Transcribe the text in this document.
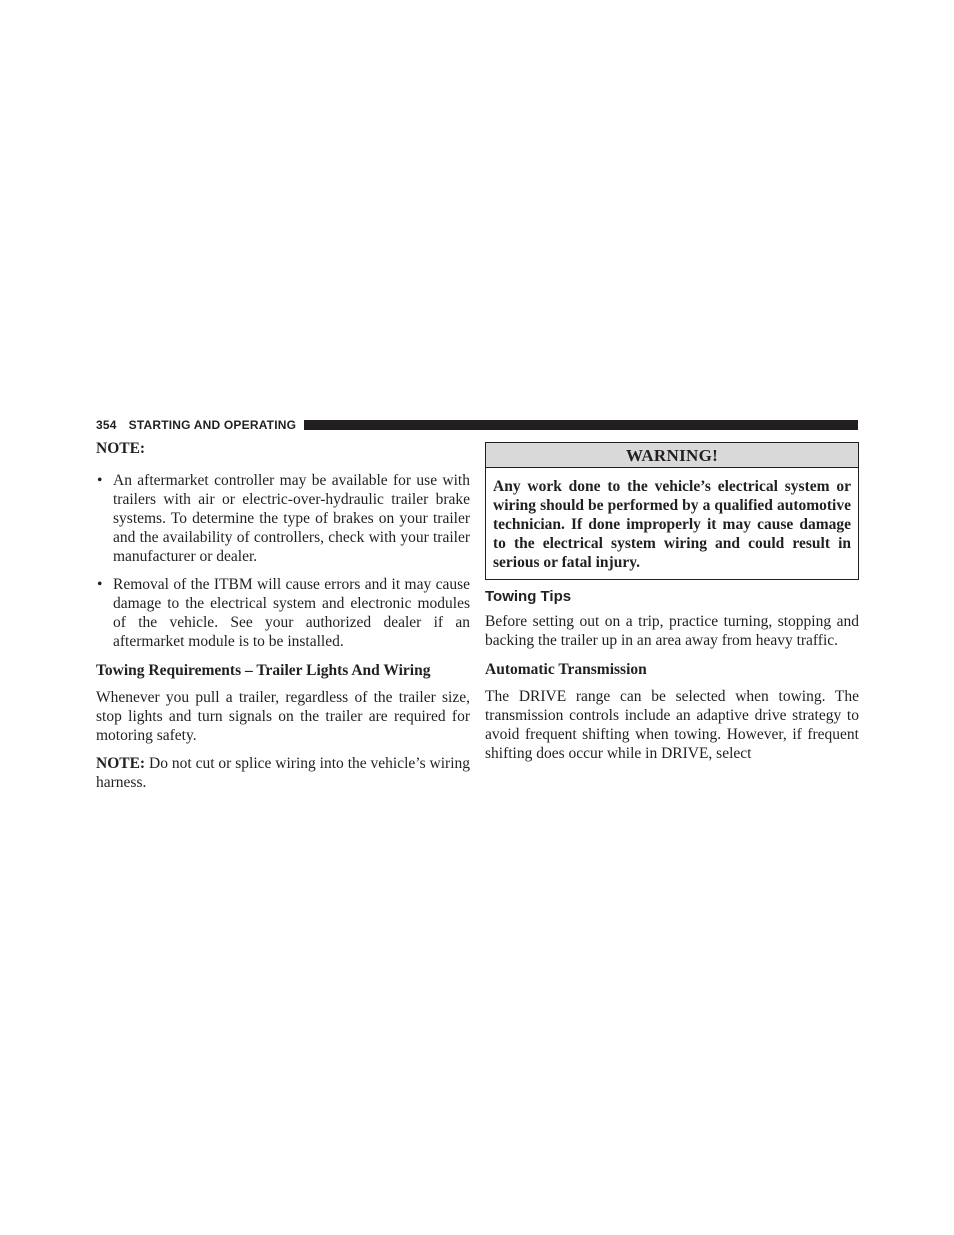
354 STARTING AND OPERATING

NOTE:

• An aftermarket controller may be available for use with trailers with air or electric-over-hydraulic trailer brake systems. To determine the type of brakes on your trailer and the availability of controllers, check with your trailer manufacturer or dealer.
• Removal of the ITBM will cause errors and it may cause damage to the electrical system and electronic modules of the vehicle. See your authorized dealer if an aftermarket module is to be installed.

Towing Requirements – Trailer Lights And Wiring

Whenever you pull a trailer, regardless of the trailer size, stop lights and turn signals on the trailer are required for motoring safety.

NOTE: Do not cut or splice wiring into the vehicle’s wiring harness.

WARNING!
Any work done to the vehicle’s electrical system or wiring should be performed by a qualified automotive technician. If done improperly it may cause damage to the electrical system wiring and could result in serious or fatal injury.

Towing Tips

Before setting out on a trip, practice turning, stopping and backing the trailer up in an area away from heavy traffic.

Automatic Transmission

The DRIVE range can be selected when towing. The transmission controls include an adaptive drive strategy to avoid frequent shifting when towing. However, if frequent shifting does occur while in DRIVE, select
